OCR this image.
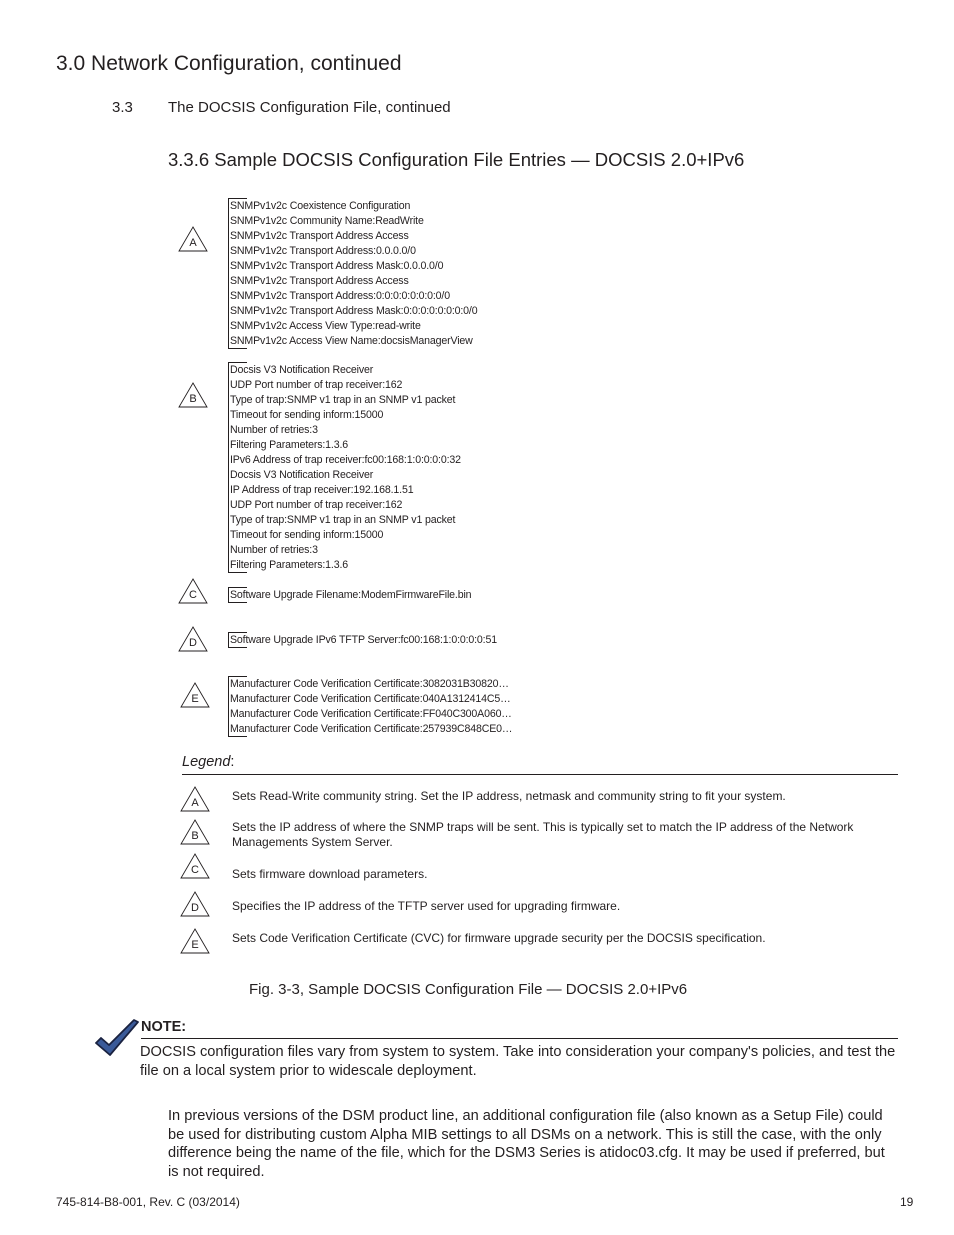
3.0 Network Configuration, continued
3.3 The DOCSIS Configuration File, continued
3.3.6 Sample DOCSIS Configuration File Entries — DOCSIS 2.0+IPv6
A
SNMPv1v2c Coexistence Configuration
SNMPv1v2c Community Name:ReadWrite
SNMPv1v2c Transport Address Access
SNMPv1v2c Transport Address:0.0.0.0/0
SNMPv1v2c Transport Address Mask:0.0.0.0/0
SNMPv1v2c Transport Address Access
SNMPv1v2c Transport Address:0:0:0:0:0:0:0:0/0
SNMPv1v2c Transport Address Mask:0:0:0:0:0:0:0:0/0
SNMPv1v2c Access View Type:read-write
SNMPv1v2c Access View Name:docsisManagerView
B
Docsis V3 Notification Receiver
UDP Port number of trap receiver:162
Type of trap:SNMP v1 trap in an SNMP v1 packet
Timeout for sending inform:15000
Number of retries:3
Filtering Parameters:1.3.6
IPv6 Address of trap receiver:fc00:168:1:0:0:0:0:32
Docsis V3 Notification Receiver
IP Address of trap receiver:192.168.1.51
UDP Port number of trap receiver:162
Type of trap:SNMP v1 trap in an SNMP v1 packet
Timeout for sending inform:15000
Number of retries:3
Filtering Parameters:1.3.6
C	Software Upgrade Filename:ModemFirmwareFile.bin
D	Software Upgrade IPv6 TFTP Server:fc00:168:1:0:0:0:0:51
E
Manufacturer Code Verification Certificate:3082031B30820…
Manufacturer Code Verification Certificate:040A1312414C5…
Manufacturer Code Verification Certificate:FF040C300A060…
Manufacturer Code Verification Certificate:257939C848CE0…
Legend:
A	Sets Read-Write community string. Set the IP address, netmask and community string to fit your system.
B
Sets the IP address of where the SNMP traps will be sent. This is typically set to match the IP address of the Network Managements System Server.
C	Sets firmware download parameters.
D	Specifies the IP address of the TFTP server used for upgrading firmware.
E	Sets Code Verification Certificate (CVC) for firmware upgrade security per the DOCSIS specification.
Fig. 3-3, Sample DOCSIS Configuration File — DOCSIS 2.0+IPv6
NOTE:
DOCSIS configuration files vary from system to system. Take into consideration your company's policies, and test the file on a local system prior to widescale deployment.
In previous versions of the DSM product line, an additional configuration file (also known as a Setup File) could be used for distributing custom Alpha MIB settings to all DSMs on a network. This is still the case, with the only difference being the name of the file, which for the DSM3 Series is atidoc03.cfg. It may be used if preferred, but is not required.
745-814-B8-001, Rev. C (03/2014)	19
